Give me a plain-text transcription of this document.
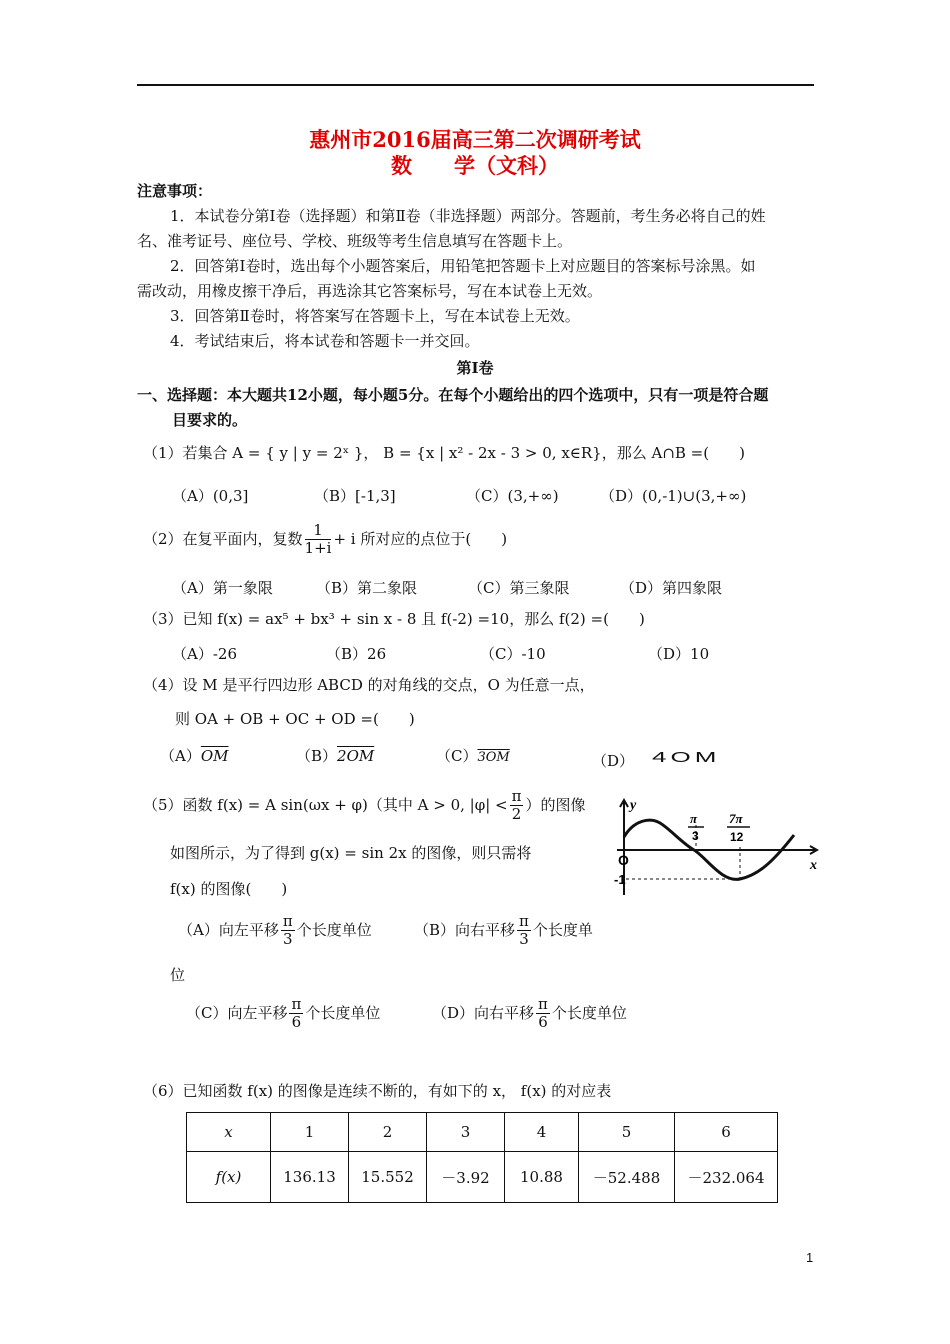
惠州市2016届高三第二次调研考试
数　　学（文科）
注意事项：
1．本试卷分第Ⅰ卷（选择题）和第Ⅱ卷（非选择题）两部分。答题前，考生务必将自己的姓
名、准考证号、座位号、学校、班级等考生信息填写在答题卡上。
2．回答第Ⅰ卷时，选出每个小题答案后，用铅笔把答题卡上对应题目的答案标号涂黑。如
需改动，用橡皮擦干净后，再选涂其它答案标号，写在本试卷上无效。
3．回答第Ⅱ卷时，将答案写在答题卡上，写在本试卷上无效。
4．考试结束后，将本试卷和答题卡一并交回。
第Ⅰ卷
一、选择题：本大题共12小题，每小题5分。在每个小题给出的四个选项中，只有一项是符合题
目要求的。
（1）若集合 A = { y | y = 2ˣ }， B = {x | x² - 2x - 3 > 0, x∈R}，那么 A∩B =(　　)
（A）(0,3]	（B）[-1,3]	（C）(3,+∞)	（D）(0,-1)∪(3,+∞)
（2）在复平面内，复数 $\frac{1}{1+i} + i$ 所对应的点位于(　　)
（A）第一象限	（B）第二象限	（C）第三象限	（D）第四象限
（3）已知 f(x) = ax⁵ + bx³ + sin x - 8 且 f(-2) =10，那么 f(2) =(　　)
（A）-26	（B）26	（C）-10	（D）10
（4）设 M 是平行四边形 ABCD 的对角线的交点，O 为任意一点，
则 OA + OB + OC + OD =(　　)
$(A)\overline{OM}$	（B）2OM	（C）3OM	（D） 4OM
（5）函数 f(x) = A sin(ωx + φ)（其中 A > 0, $|\varphi| < \frac{\pi}{2}$ ）的图像
如图所示，为了得到 g(x) = sin 2x 的图像，则只需将
f(x) 的图像(　　)
（A）向左平移 $\frac{\pi}{3}$ 个长度单位	（B）向右平移 $\frac{\pi}{3}$ 个长度单
位
（C）向左平移 $\frac{\pi}{6}$ 个长度单位	（D）向右平移 $\frac{\pi}{6}$ 个长度单位
y
x
O
-1
π
3
7π
12
（6）已知函数 f(x) 的图像是连续不断的，有如下的 x， f(x) 的对应表
x	1	2	3	4	5	6
f(x)	136.13	15.552	－3.92	10.88	－52.488	－232.064
1
